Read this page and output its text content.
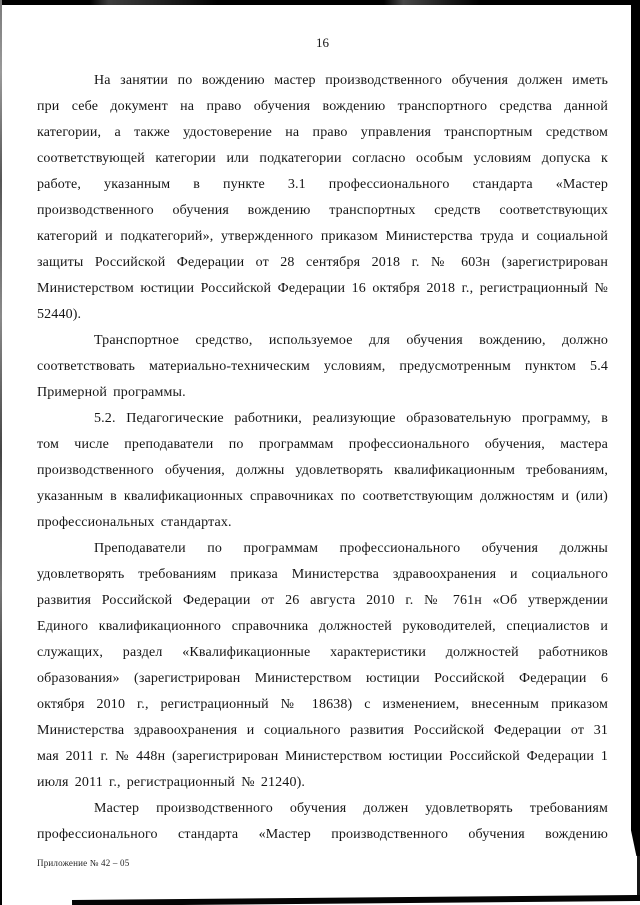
16

На занятии по вождению мастер производственного обучения должен иметь при себе документ на право обучения вождению транспортного средства данной категории, а также удостоверение на право управления транспортным средством соответствующей категории или подкатегории согласно особым условиям допуска к работе, указанным в пункте 3.1 профессионального стандарта «Мастер производственного обучения вождению транспортных средств соответствующих категорий и подкатегорий», утвержденного приказом Министерства труда и социальной защиты Российской Федерации от 28 сентября 2018 г. № 603н (зарегистрирован Министерством юстиции Российской Федерации 16 октября 2018 г., регистрационный № 52440).

Транспортное средство, используемое для обучения вождению, должно соответствовать материально-техническим условиям, предусмотренным пунктом 5.4 Примерной программы.

5.2. Педагогические работники, реализующие образовательную программу, в том числе преподаватели по программам профессионального обучения, мастера производственного обучения, должны удовлетворять квалификационным требованиям, указанным в квалификационных справочниках по соответствующим должностям и (или) профессиональных стандартах.

Преподаватели по программам профессионального обучения должны удовлетворять требованиям приказа Министерства здравоохранения и социального развития Российской Федерации от 26 августа 2010 г. № 761н «Об утверждении Единого квалификационного справочника должностей руководителей, специалистов и служащих, раздел «Квалификационные характеристики должностей работников образования» (зарегистрирован Министерством юстиции Российской Федерации 6 октября 2010 г., регистрационный № 18638) с изменением, внесенным приказом Министерства здравоохранения и социального развития Российской Федерации от 31 мая 2011 г. № 448н (зарегистрирован Министерством юстиции Российской Федерации 1 июля 2011 г., регистрационный № 21240).

Мастер производственного обучения должен удовлетворять требованиям профессионального стандарта «Мастер производственного обучения вождению

Приложение № 42 – 05
